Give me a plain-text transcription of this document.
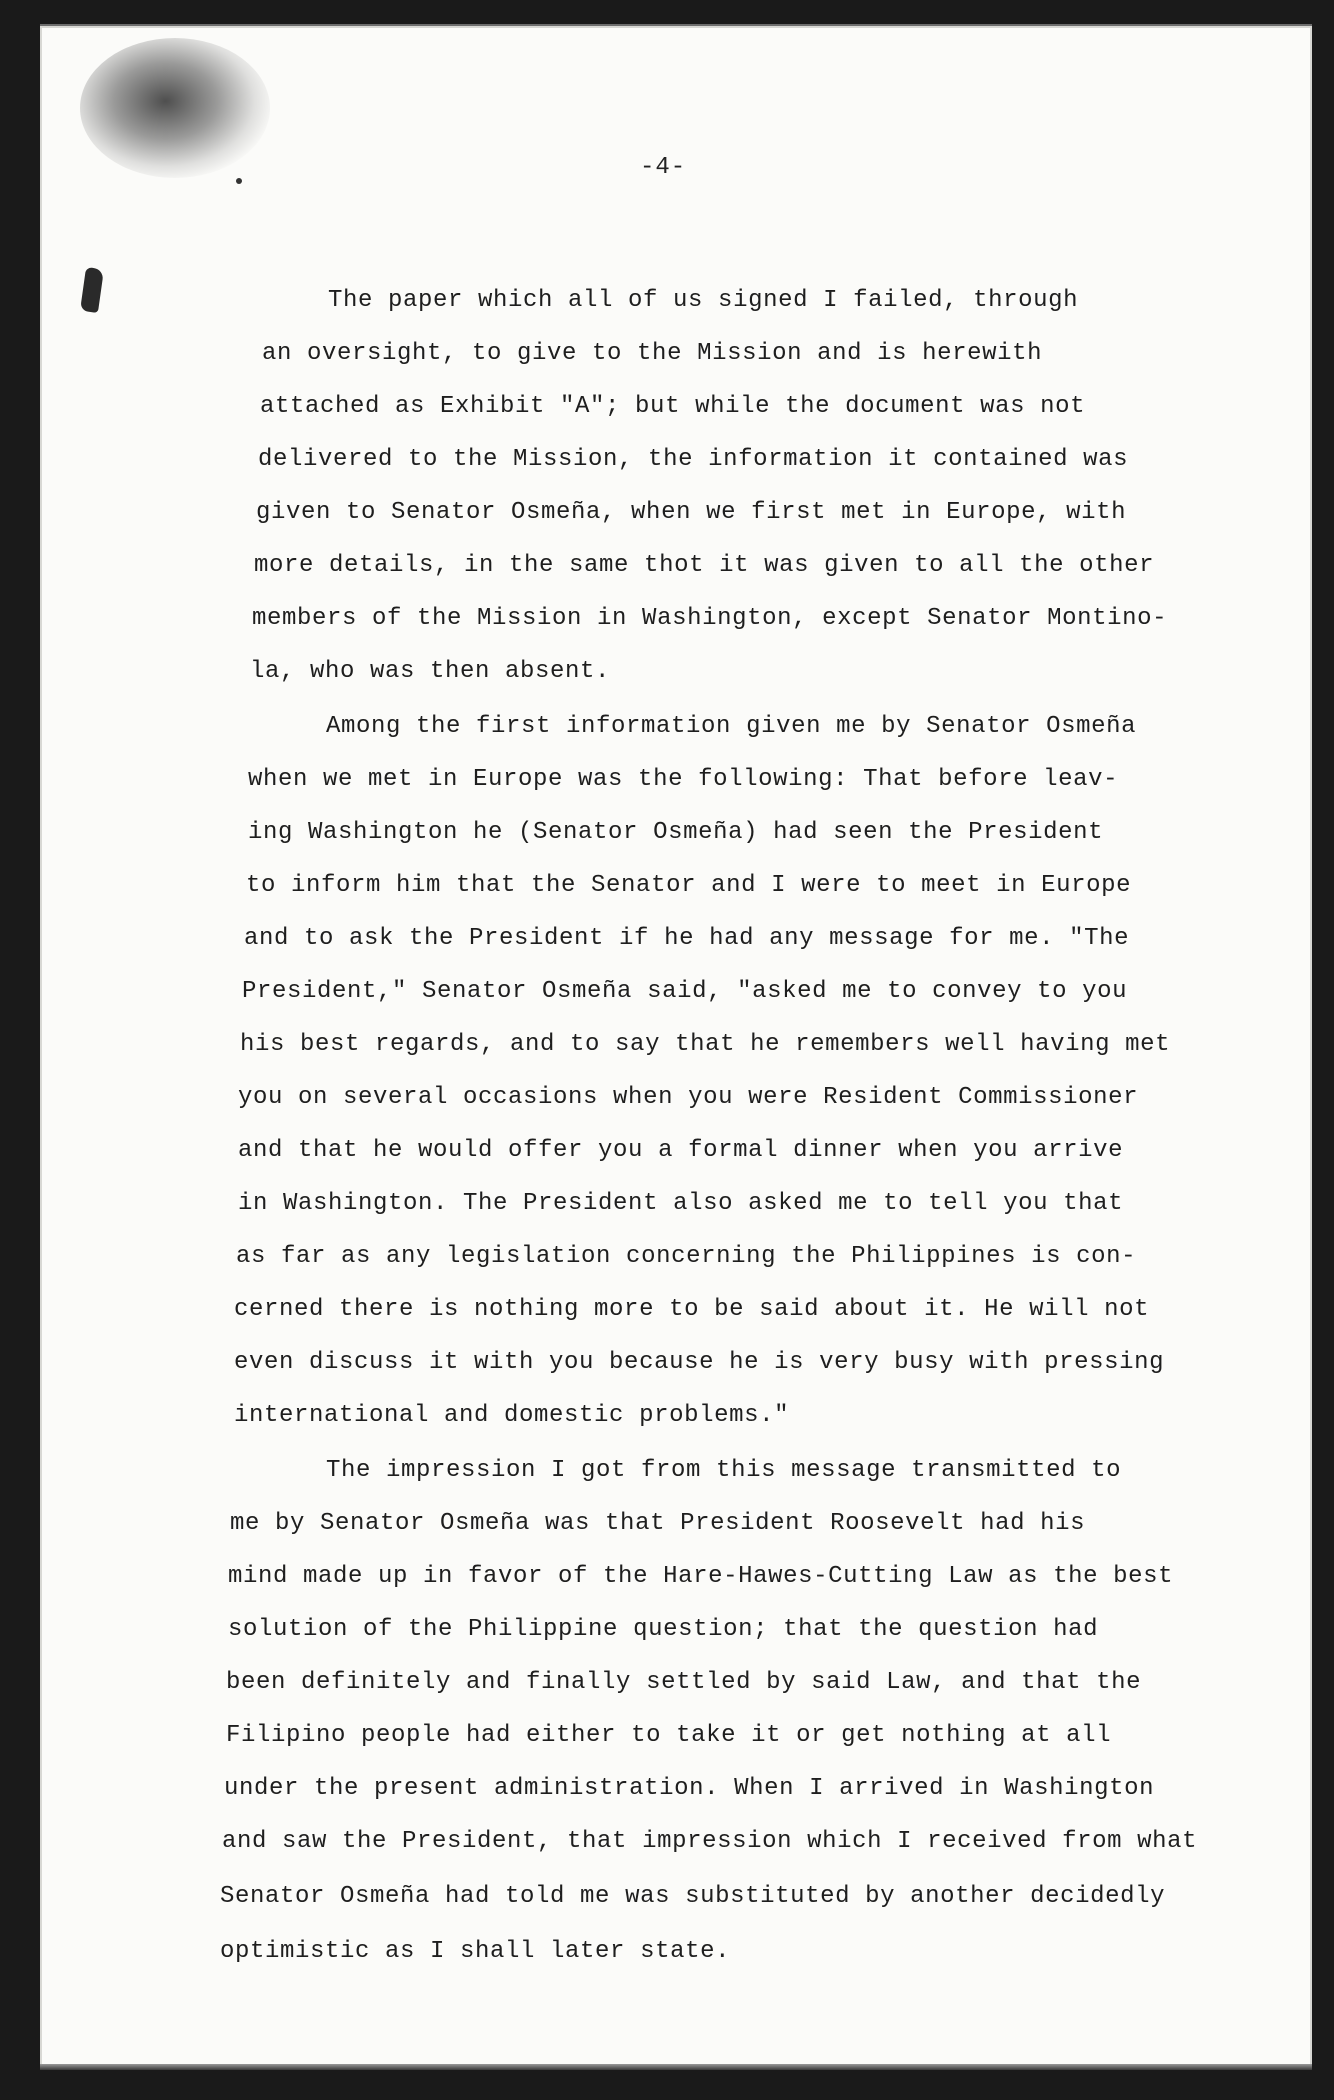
-4-
The paper which all of us signed I failed, through
an oversight, to give to the Mission and is herewith
attached as Exhibit "A"; but while the document was not
delivered to the Mission, the information it contained was
given to Senator Osmeña, when we first met in Europe, with
more details, in the same thot it was given to all the other
members of the Mission in Washington, except Senator Montino-
la, who was then absent.
Among the first information given me by Senator Osmeña
when we met in Europe was the following: That before leav-
ing Washington he (Senator Osmeña) had seen the President
to inform him that the Senator and I were to meet in Europe
and to ask the President if he had any message for me. "The
President," Senator Osmeña said, "asked me to convey to you
his best regards, and to say that he remembers well having met
you on several occasions when you were Resident Commissioner
and that he would offer you a formal dinner when you arrive
in Washington. The President also asked me to tell you that
as far as any legislation concerning the Philippines is con-
cerned there is nothing more to be said about it. He will not
even discuss it with you because he is very busy with pressing
international and domestic problems."
The impression I got from this message transmitted to
me by Senator Osmeña was that President Roosevelt had his
mind made up in favor of the Hare-Hawes-Cutting Law as the best
solution of the Philippine question; that the question had
been definitely and finally settled by said Law, and that the
Filipino people had either to take it or get nothing at all
under the present administration. When I arrived in Washington
and saw the President, that impression which I received from what
Senator Osmeña had told me was substituted by another decidedly
optimistic as I shall later state.
